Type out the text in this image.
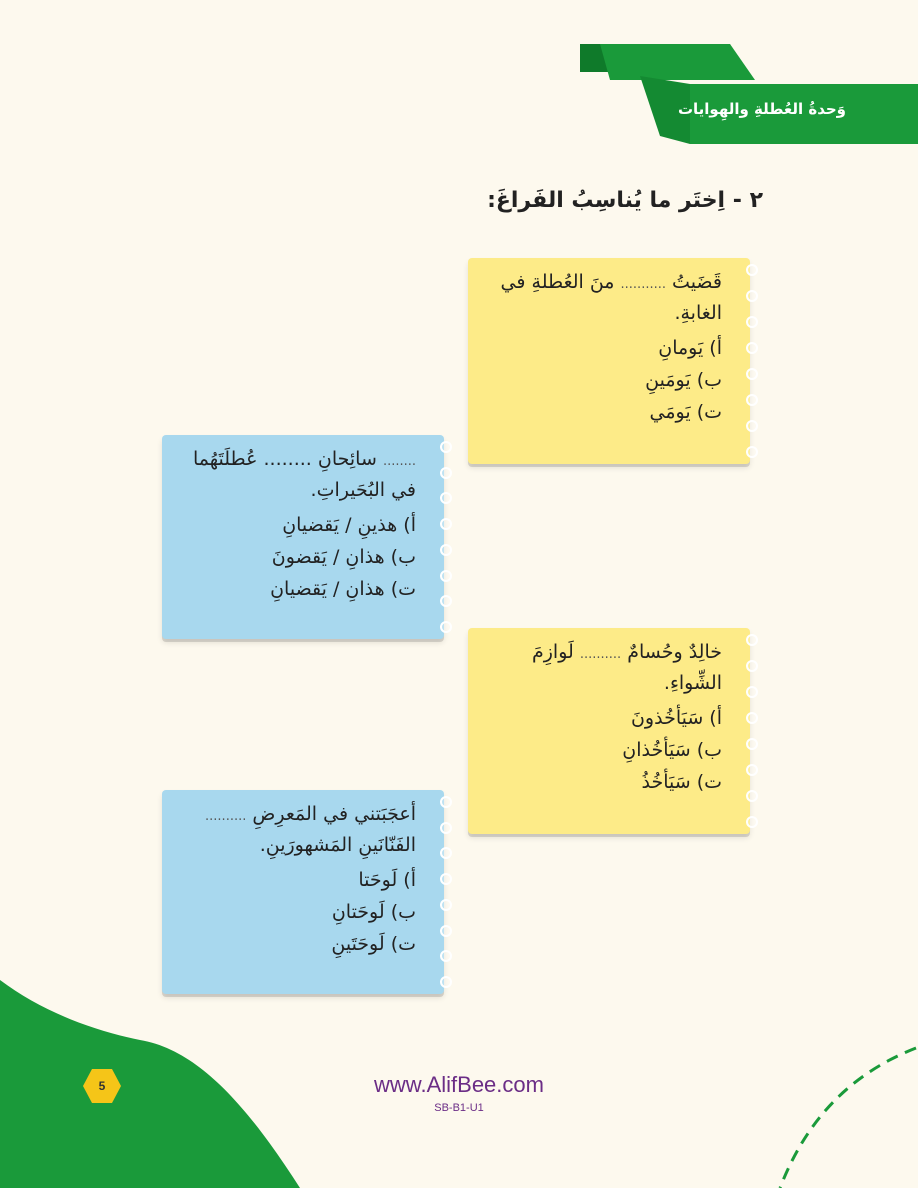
وَحدةُ العُطلةِ والهِوايات
٢ - اِختَر ما يُناسِبُ الفَراغَ:
قَضَيتُ ........... منَ العُطلةِ في الغابةِ.
أ) يَومانِ
ب) يَومَينِ
ت) يَومَي
........ سائِحانِ ........ عُطلَتَهُما في البُحَيراتِ.
أ) هذينِ / يَقضيانِ
ب) هذانِ / يَقضونَ
ت) هذانِ / يَقضيانِ
خالِدٌ وحُسامٌ .......... لَوازِمَ الشِّواءِ.
أ) سَيَأخُذونَ
ب) سَيَأخُذانِ
ت) سَيَأخُذُ
أعجَبَتني في المَعرِضِ .......... الفَنّانَينِ المَشهورَينِ.
أ) لَوحَتا
ب) لَوحَتانِ
ت) لَوحَتَينِ
5	www.AlifBee.com
SB-B1-U1
